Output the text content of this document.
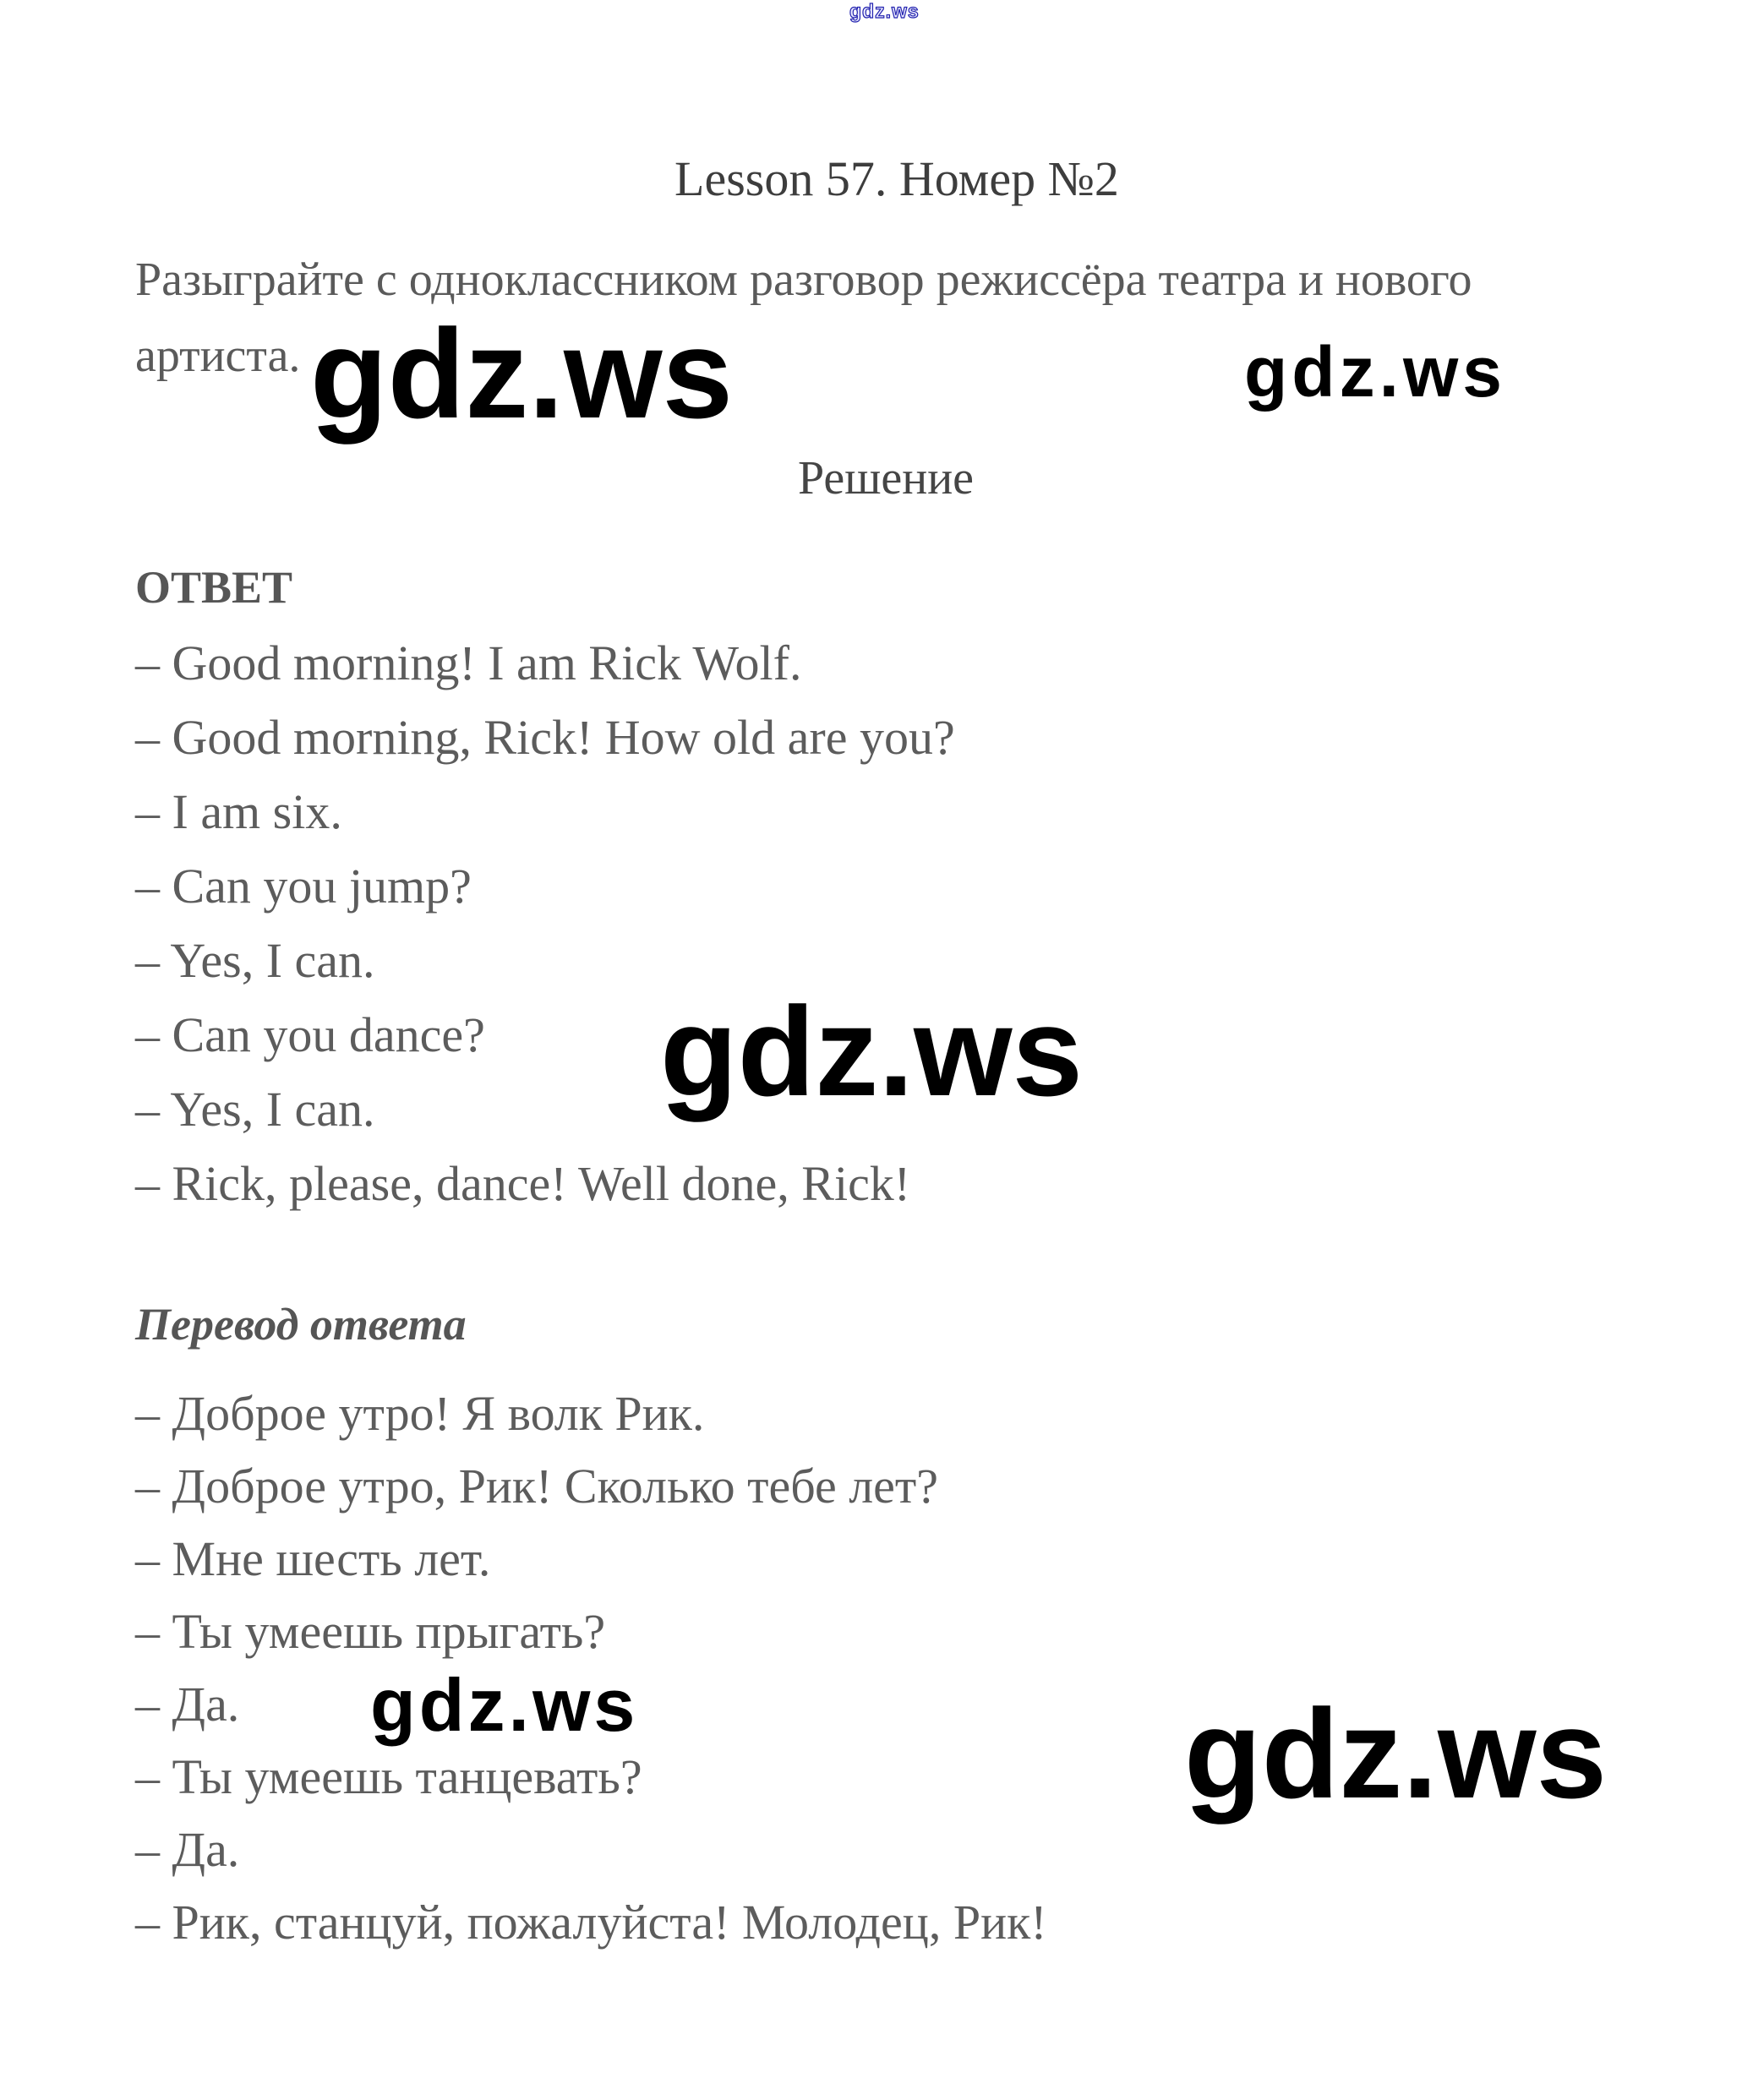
gdz.ws
Lesson 57. Номер №2
Разыграйте с одноклассником разговор режиссёра театра и нового
артиста. gdz.ws	gdz.ws
Решение
ОТВЕТ
– Good morning! I am Rick Wolf.
– Good morning, Rick! How old are you?
– I am six.
– Can you jump?
– Yes, I can.
– Can you dance?
– Yes, I can.
– Rick, please, dance! Well done, Rick!
gdz.ws
Перевод ответа
– Доброе утро! Я волк Рик.
– Доброе утро, Рик! Сколько тебе лет?
– Мне шесть лет.
– Ты умеешь прыгать?
– Да.
– Ты умеешь танцевать?
– Да.
– Рик, станцуй, пожалуйста! Молодец, Рик!
gdz.ws	gdz.ws
